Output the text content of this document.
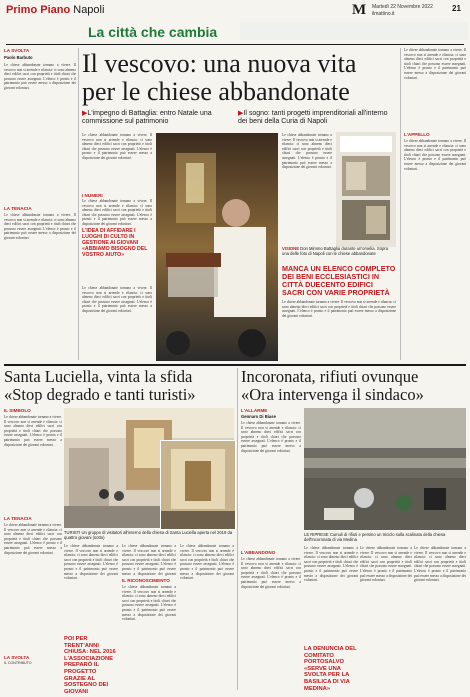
Primo Piano Napoli	M Martedì 22 Novembre 2022
ilmattino.it
21
La città che cambia
LA SVOLTA
Paolo Barbuto
Le chiese abbandonate tornano a vivere. Il vescovo non si arrende e rilancia: ci sono almeno dieci edifici sacri con proprietà e titoli chiari che possono essere assegnati. L'elenco è pronto e il patrimonio può essere messo a disposizione dei giovani volontari.
LA TENACIA
Le chiese abbandonate tornano a vivere. Il vescovo non si arrende e rilancia: ci sono almeno dieci edifici sacri con proprietà e titoli chiari che possono essere assegnati. L'elenco è pronto e il patrimonio può essere messo a disposizione dei giovani volontari.
Il vescovo: una nuova vita
per le chiese abbandonate
▶L'impegno di Battaglia: entro Natale una commissione sul patrimonio
▶Il sogno: tanti progetti imprenditoriali all'interno dei beni della Curia di Napoli
Le chiese abbandonate tornano a vivere. Il vescovo non si arrende e rilancia: ci sono almeno dieci edifici sacri con proprietà e titoli chiari che possono essere assegnati. L'elenco è pronto e il patrimonio può essere messo a disposizione dei giovani volontari.
I NUMERI
Le chiese abbandonate tornano a vivere. Il vescovo non si arrende e rilancia: ci sono almeno dieci edifici sacri con proprietà e titoli chiari che possono essere assegnati. L'elenco è pronto e il patrimonio può essere messo a disposizione dei giovani volontari.
L'IDEA DI AFFIDARE I LUOGHI DI CULTO IN GESTIONE AI GIOVANI «ABBIAMO BISOGNO DEL VOSTRO AIUTO»
Le chiese abbandonate tornano a vivere. Il vescovo non si arrende e rilancia: ci sono almeno dieci edifici sacri con proprietà e titoli chiari che possono essere assegnati. L'elenco è pronto e il patrimonio può essere messo a disposizione dei giovani volontari.
Le chiese abbandonate tornano a vivere. Il vescovo non si arrende e rilancia: ci sono almeno dieci edifici sacri con proprietà e titoli chiari che possono essere assegnati. L'elenco è pronto e il patrimonio può essere messo a disposizione dei giovani volontari.
VISIONE Don Mimmo Battaglia durante un'omelia. Sopra una delle foto di Napoli con le chiese abbandonate
MANCA UN ELENCO COMPLETO DEI BENI ECCLESIASTICI IN CITTÀ DUECENTO EDIFICI SACRI CON VARIE PROPRIETÀ
Le chiese abbandonate tornano a vivere. Il vescovo non si arrende e rilancia: ci sono almeno dieci edifici sacri con proprietà e titoli chiari che possono essere assegnati. L'elenco è pronto e il patrimonio può essere messo a disposizione dei giovani volontari.
Le chiese abbandonate tornano a vivere. Il vescovo non si arrende e rilancia: ci sono almeno dieci edifici sacri con proprietà e titoli chiari che possono essere assegnati. L'elenco è pronto e il patrimonio può essere messo a disposizione dei giovani volontari.
L'APPELLO
Le chiese abbandonate tornano a vivere. Il vescovo non si arrende e rilancia: ci sono almeno dieci edifici sacri con proprietà e titoli chiari che possono essere assegnati. L'elenco è pronto e il patrimonio può essere messo a disposizione dei giovani volontari.
Santa Luciella, vinta la sfida
«Stop degrado e tanti turisti»
IL SIMBOLO
Le chiese abbandonate tornano a vivere. Il vescovo non si arrende e rilancia: ci sono almeno dieci edifici sacri con proprietà e titoli chiari che possono essere assegnati. L'elenco è pronto e il patrimonio può essere messo a disposizione dei giovani volontari.
LA TENACIA
Le chiese abbandonate tornano a vivere. Il vescovo non si arrende e rilancia: ci sono almeno dieci edifici sacri con proprietà e titoli chiari che possono essere assegnati. L'elenco è pronto e il patrimonio può essere messo a disposizione dei giovani volontari.
LA SVOLTA
IL CONTRIBUTO
TURISTI Un gruppo di visitatori all'interno della chiesa di Santa Luciella aperta nel 2019 da quattro giovani (sotto)
Le chiese abbandonate tornano a vivere. Il vescovo non si arrende e rilancia: ci sono almeno dieci edifici sacri con proprietà e titoli chiari che possono essere assegnati. L'elenco è pronto e il patrimonio può essere messo a disposizione dei giovani volontari.
POI PER TRENT'ANNI CHIUSA: NEL 2016 L'ASSOCIAZIONE PREPARÒ IL PROGETTO GRAZIE AL SOSTEGNO DEI GIOVANI
Le chiese abbandonate tornano a vivere. Il vescovo non si arrende e rilancia: ci sono almeno dieci edifici sacri con proprietà e titoli chiari che possono essere assegnati. L'elenco è pronto e il patrimonio può essere messo a disposizione dei giovani
IL RICONOSCIMENTO
Le chiese abbandonate tornano a vivere. Il vescovo non si arrende e rilancia: ci sono almeno dieci edifici sacri con proprietà e titoli chiari che possono essere assegnati. L'elenco è pronto e il patrimonio può essere messo a disposizione dei giovani volontari.
Le chiese abbandonate tornano a vivere. Il vescovo non si arrende e rilancia: ci sono almeno dieci edifici sacri con proprietà e titoli chiari che possono essere assegnati. L'elenco è pronto e il patrimonio può essere messo a disposizione dei giovani volontari.
Incoronata, rifiuti ovunque
«Ora intervenga il sindaco»
L'ALLARME
Gennaro Di Biase
Le chiese abbandonate tornano a vivere. Il vescovo non si arrende e rilancia: ci sono almeno dieci edifici sacri con proprietà e titoli chiari che possono essere assegnati. L'elenco è pronto e il patrimonio può essere messo a disposizione dei giovani volontari.
LE RIPRESE Cumuli di rifiuti e persino un triciclo sulla scalinata della chiesa dell'Incoronata di via Medina
L'ABBANDONO
Le chiese abbandonate tornano a vivere. Il vescovo non si arrende e rilancia: ci sono almeno dieci edifici sacri con proprietà e titoli chiari che possono essere assegnati. L'elenco è pronto e il patrimonio può essere messo a disposizione dei giovani volontari.
Le chiese abbandonate tornano a vivere. Il vescovo non si arrende e rilancia: ci sono almeno dieci edifici sacri con proprietà e titoli chiari che possono essere assegnati. L'elenco è pronto e il patrimonio può essere messo a disposizione dei giovani volontari.
LA DENUNCIA DEL COMITATO PORTOSALVO «SERVE UNA SVOLTA PER LA BASILICA DI VIA MEDINA»
Le chiese abbandonate tornano a vivere. Il vescovo non si arrende e rilancia: ci sono almeno dieci edifici sacri con proprietà e titoli chiari che possono essere assegnati. L'elenco è pronto e il patrimonio può essere messo a disposizione dei giovani volontari.
Le chiese abbandonate tornano a vivere. Il vescovo non si arrende e rilancia: ci sono almeno dieci edifici sacri con proprietà e titoli chiari che possono essere assegnati. L'elenco è pronto e il patrimonio può essere messo a disposizione dei giovani volontari.
